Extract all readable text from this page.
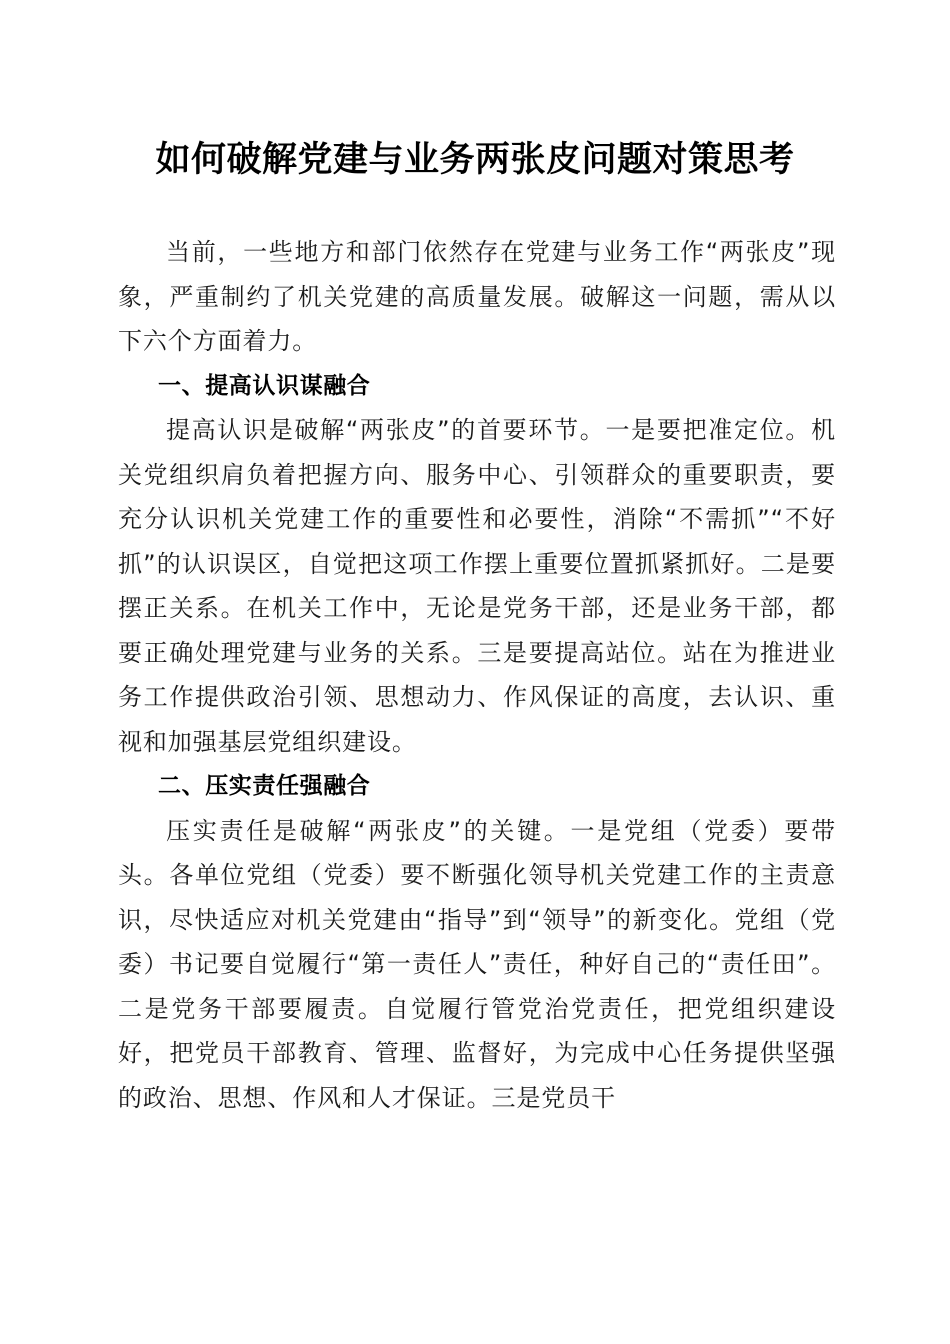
如何破解党建与业务两张皮问题对策思考

当前，一些地方和部门依然存在党建与业务工作“两张皮”现象，严重制约了机关党建的高质量发展。破解这一问题，需从以下六个方面着力。

一、提高认识谋融合

提高认识是破解“两张皮”的首要环节。一是要把准定位。机关党组织肩负着把握方向、服务中心、引领群众的重要职责，要充分认识机关党建工作的重要性和必要性，消除“不需抓”“不好抓”的认识误区，自觉把这项工作摆上重要位置抓紧抓好。二是要摆正关系。在机关工作中，无论是党务干部，还是业务干部，都要正确处理党建与业务的关系。三是要提高站位。站在为推进业务工作提供政治引领、思想动力、作风保证的高度，去认识、重视和加强基层党组织建设。

二、压实责任强融合

压实责任是破解“两张皮”的关键。一是党组（党委）要带头。各单位党组（党委）要不断强化领导机关党建工作的主责意识，尽快适应对机关党建由“指导”到“领导”的新变化。党组（党委）书记要自觉履行“第一责任人”责任，种好自己的“责任田”。二是党务干部要履责。自觉履行管党治党责任，把党组织建设好，把党员干部教育、管理、监督好，为完成中心任务提供坚强的政治、思想、作风和人才保证。三是党员干
